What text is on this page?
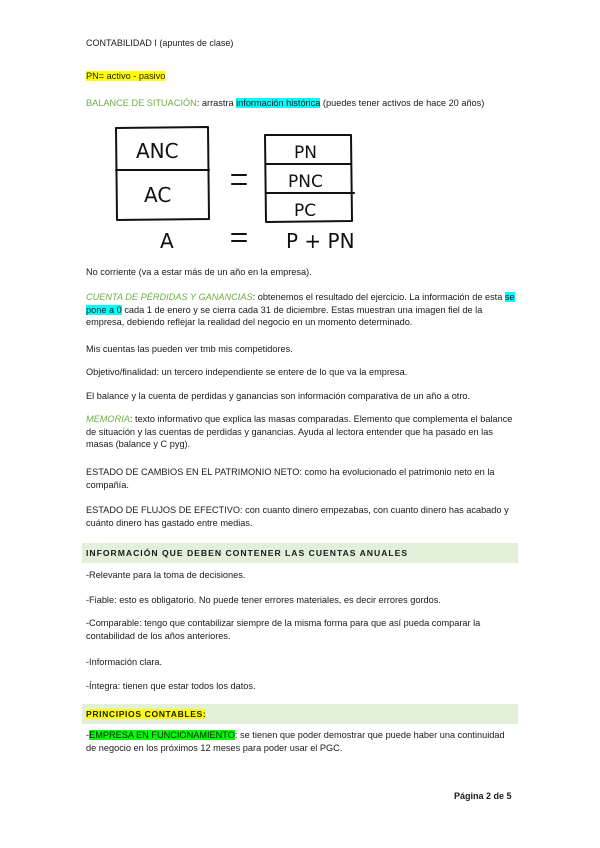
CONTABILIDAD I (apuntes de clase)
PN= activo - pasivo
BALANCE DE SITUACIÓN: arrastra información histórica (puedes tener activos de hace 20 años)
ANC
AC
PN
PNC
PC
A	P + PN
No corriente (va a estar más de un año en la empresa).
CUENTA DE PÉRDIDAS Y GANANCIAS: obtenemos el resultado del ejercicio. La información de esta se pone a 0 cada 1 de enero y se cierra cada 31 de diciembre. Estas muestran una imagen fiel de la empresa, debiendo reflejar la realidad del negocio en un momento determinado.
Mis cuentas las pueden ver tmb mis competidores.
Objetivo/finalidad: un tercero independiente se entere de lo que va la empresa.
El balance y la cuenta de perdidas y ganancias son información comparativa de un año a otro.
MEMORIA: texto informativo que explica las masas comparadas. Elemento que complementa el balance de situación y las cuentas de perdidas y ganancias. Ayuda al lectora entender que ha pasado en las masas (balance y C pyg).
ESTADO DE CAMBIOS EN EL PATRIMONIO NETO: como ha evolucionado el patrimonio neto en la compañía.
ESTADO DE FLUJOS DE EFECTIVO: con cuanto dinero empezabas, con cuanto dinero has acabado y cuánto dinero has gastado entre medias.
INFORMACIÓN QUE DEBEN CONTENER LAS CUENTAS ANUALES
-Relevante para la toma de decisiones.
-Fiable: esto es obligatorio. No puede tener errores materiales, es decir errores gordos.
-Comparable: tengo que contabilizar siempre de la misma forma para que así pueda comparar la contabilidad de los años anteriores.
-Información clara.
-Íntegra: tienen que estar todos los datos.
PRINCIPIOS CONTABLES:
-EMPRESA EN FUNCIONAMIENTO: se tienen que poder demostrar que puede haber una continuidad de negocio en los próximos 12 meses para poder usar el PGC.
Página 2 de 5
